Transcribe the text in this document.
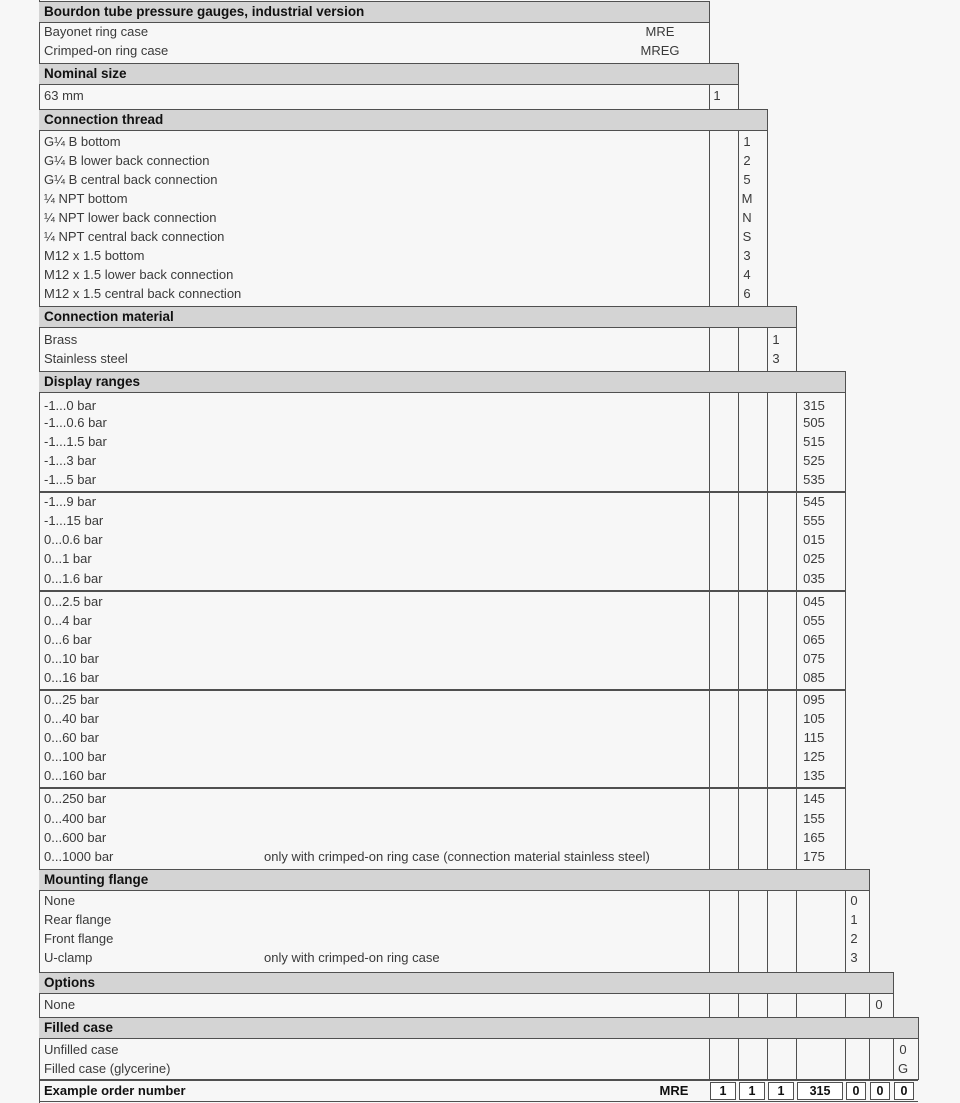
Bourdon tube pressure gauges, industrial version
Bayonet ring case	MRE
Crimped-on ring case	MREG
Nominal size
63 mm	1
Connection thread
G¼ B bottom	1
G¼ B lower back connection	2
G¼ B central back connection	5
¼ NPT bottom	M
¼ NPT lower back connection	N
¼ NPT central back connection	S
M12 x 1.5 bottom	3
M12 x 1.5 lower back connection	4
M12 x 1.5 central back connection	6
Connection material
Brass	1
Stainless steel	3
Display ranges
-1...0 bar	315
-1...0.6 bar	505
-1...1.5 bar	515
-1...3 bar	525
-1...5 bar	535
-1...9 bar	545
-1...15 bar	555
0...0.6 bar	015
0...1 bar	025
0...1.6 bar	035
0...2.5 bar	045
0...4 bar	055
0...6 bar	065
0...10 bar	075
0...16 bar	085
0...25 bar	095
0...40 bar	105
0...60 bar	115
0...100 bar	125
0...160 bar	135
0...250 bar	145
0...400 bar	155
0...600 bar	165
0...1000 bar	175
only with crimped-on ring case (connection material stainless steel)
Mounting flange
None	0
Rear flange	1
Front flange	2
U-clamp	3
only with crimped-on ring case
Options
None	0
Filled case
Unfilled case	0
Filled case (glycerine)	G
Example order number	MRE	1	1	1	315	0	0	0
